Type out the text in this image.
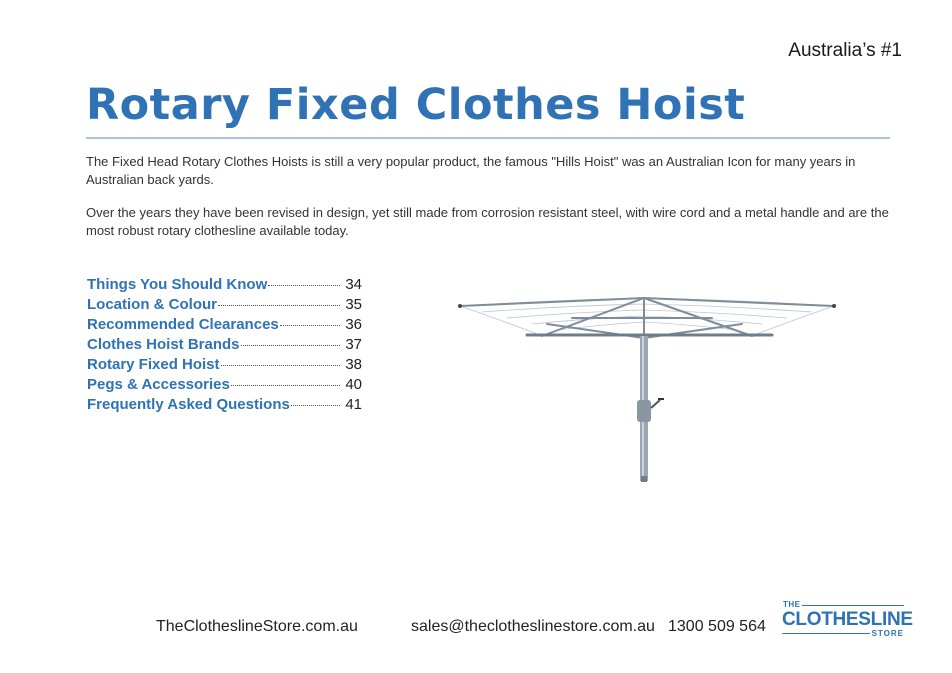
Australia’s #1
Rotary Fixed Clothes Hoist

The Fixed Head Rotary Clothes Hoists is still a very popular product, the famous "Hills Hoist" was an Australian Icon for many years in Australian back yards.

Over the years they have been revised in design, yet still made from corrosion resistant steel, with wire cord and a metal handle and are the most robust rotary clothesline available today.

Things You Should Know	34
Location & Colour	35
Recommended Clearances	36
Clothes Hoist Brands	37
Rotary Fixed Hoist	38
Pegs & Accessories	40
Frequently Asked Questions	41
TheClotheslineStore.com.au	sales@theclotheslinestore.com.au 1300 509 564
THE
CLOTHESLINE
STORE
